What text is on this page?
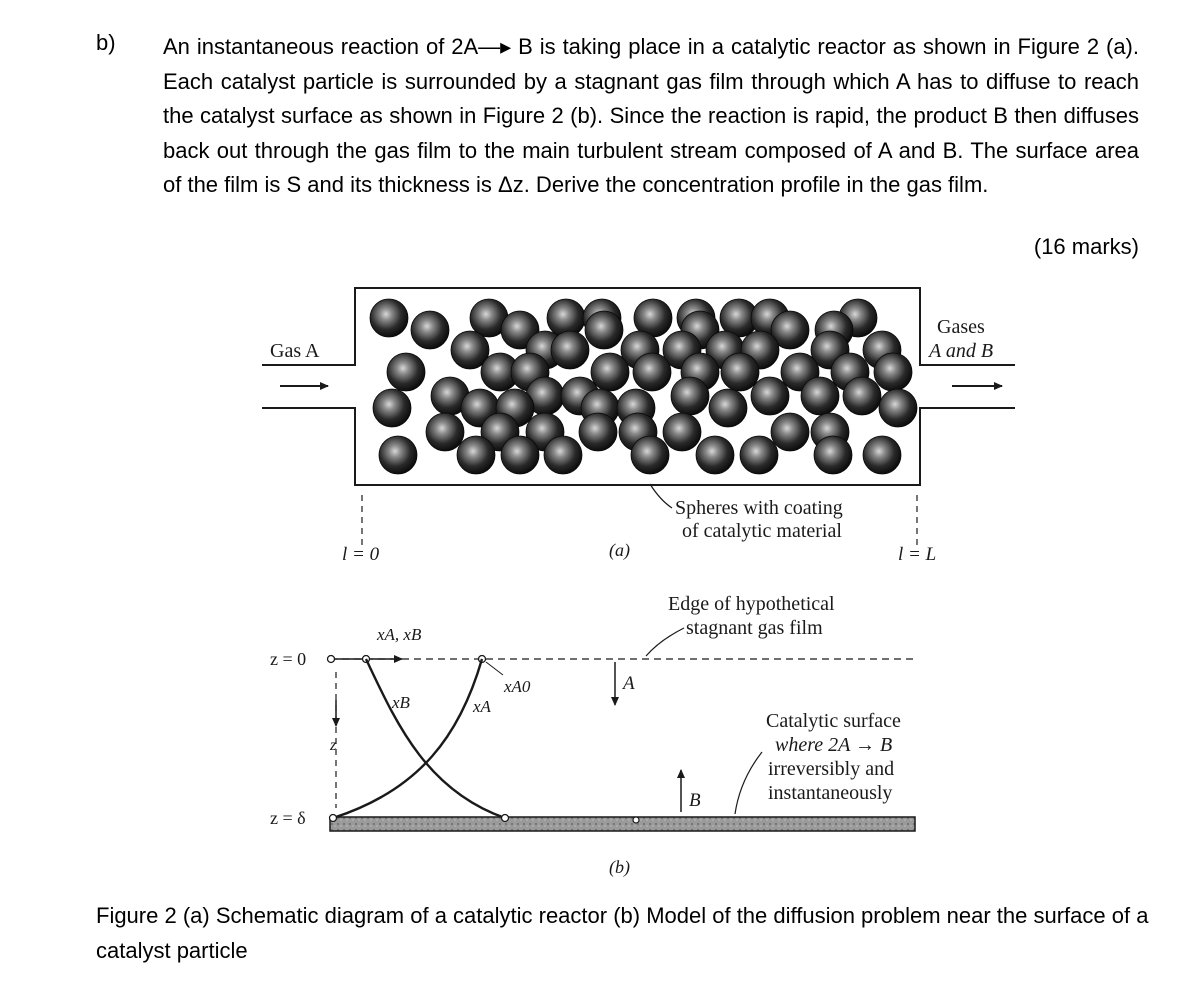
b) An instantaneous reaction of 2A—▸ B is taking place in a catalytic reactor as shown in Figure 2 (a). Each catalyst particle is surrounded by a stagnant gas film through which A has to diffuse to reach the catalyst surface as shown in Figure 2 (b). Since the reaction is rapid, the product B then diffuses back out through the gas film to the main turbulent stream composed of A and B. The surface area of the film is S and its thickness is Δz. Derive the concentration profile in the gas film.
(16 marks)
Gas A
Gases
A and B
Spheres with coating
of catalytic material
l = 0	l = L
(a)
z = 0
z = δ
z
xA, xB
xB	xA
xA0	A
B
Edge of hypothetical
stagnant gas film
Catalytic surface
where 2A → B
irreversibly and
instantaneously
(b)
Figure 2 (a) Schematic diagram of a catalytic reactor (b) Model of the diffusion problem near the surface of a catalyst particle
